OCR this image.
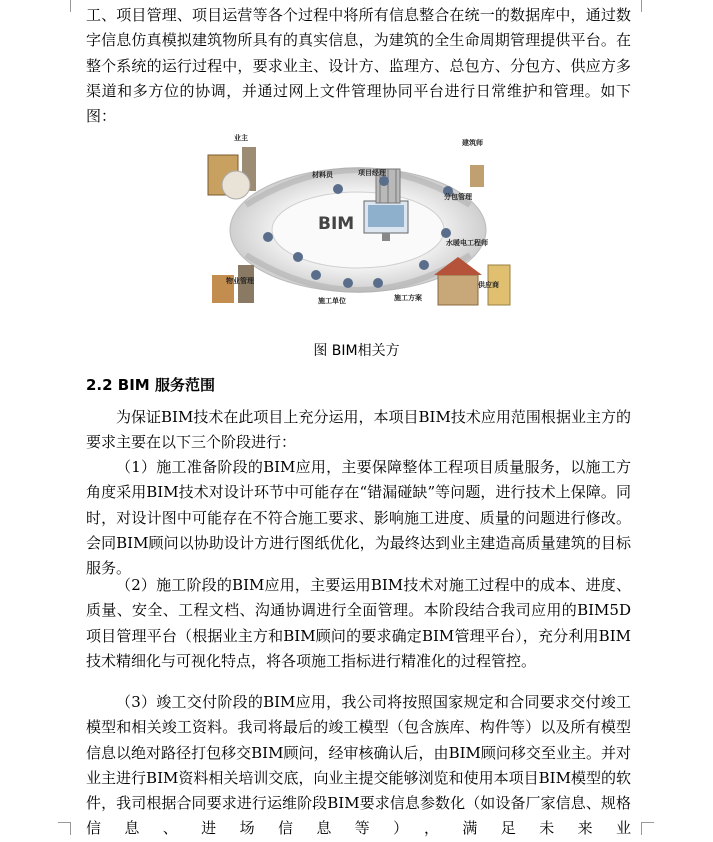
工、项目管理、项目运营等各个过程中将所有信息整合在统一的数据库中，通过数字信息仿真模拟建筑物所具有的真实信息，为建筑的全生命周期管理提供平台。在整个系统的运行过程中，要求业主、设计方、监理方、总包方、分包方、供应方多渠道和多方位的协调，并通过网上文件管理协同平台进行日常维护和管理。如下图：

BIM
业主
材料员	项目经理
建筑师
分包管理
水暖电工程师
供应商
施工方案
施工单位
物业管理
图 BIM相关方
2.2 BIM 服务范围

为保证BIM技术在此项目上充分运用，本项目BIM技术应用范围根据业主方的要求主要在以下三个阶段进行：

（1）施工准备阶段的BIM应用，主要保障整体工程项目质量服务，以施工方角度采用BIM技术对设计环节中可能存在“错漏碰缺”等问题，进行技术上保障。同时，对设计图中可能存在不符合施工要求、影响施工进度、质量的问题进行修改。会同BIM顾问以协助设计方进行图纸优化，为最终达到业主建造高质量建筑的目标服务。

（2）施工阶段的BIM应用，主要运用BIM技术对施工过程中的成本、进度、质量、安全、工程文档、沟通协调进行全面管理。本阶段结合我司应用的BIM5D项目管理平台（根据业主方和BIM顾问的要求确定BIM管理平台），充分利用BIM技术精细化与可视化特点，将各项施工指标进行精准化的过程管控。

（3）竣工交付阶段的BIM应用，我公司将按照国家规定和合同要求交付竣工模型和相关竣工资料。我司将最后的竣工模型（包含族库、构件等）以及所有模型信息以绝对路径打包移交BIM顾问，经审核确认后，由BIM顾问移交至业主。并对业主进行BIM资料相关培训交底，向业主提交能够浏览和使用本项目BIM模型的软件，我司根据合同要求进行运维阶段BIM要求信息参数化（如设备厂家信息、规格信息、进场信息等），满足未来业
